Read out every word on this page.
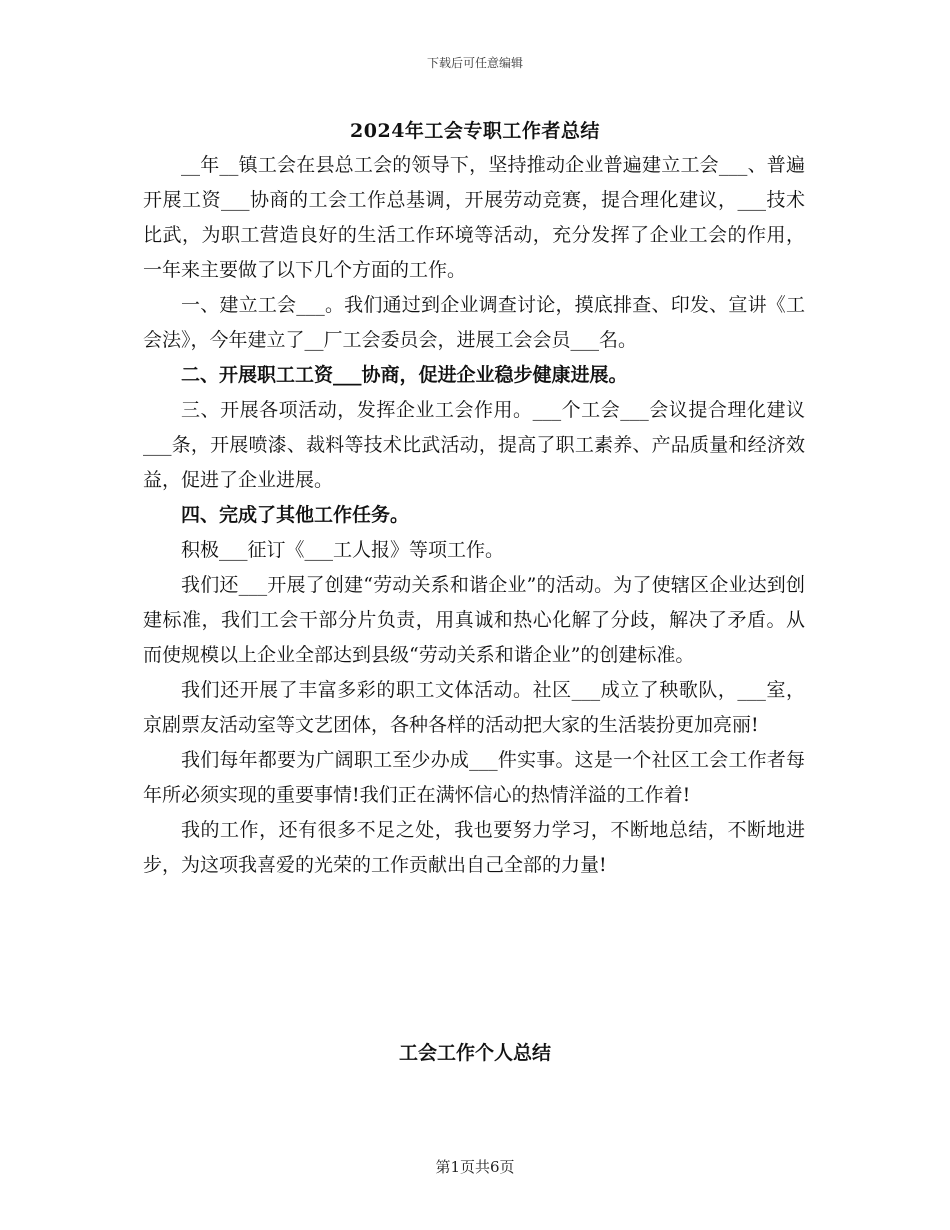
下载后可任意编辑
2024年工会专职工作者总结

__年__镇工会在县总工会的领导下，坚持推动企业普遍建立工会___、普遍开展工资___协商的工会工作总基调，开展劳动竞赛，提合理化建议，___技术比武，为职工营造良好的生活工作环境等活动，充分发挥了企业工会的作用，一年来主要做了以下几个方面的工作。

一、建立工会___。我们通过到企业调查讨论，摸底排查、印发、宣讲《工会法》，今年建立了__厂工会委员会，进展工会会员___名。

二、开展职工工资___协商，促进企业稳步健康进展。

三、开展各项活动，发挥企业工会作用。___个工会___会议提合理化建议___条，开展喷漆、裁料等技术比武活动，提高了职工素养、产品质量和经济效益，促进了企业进展。

四、完成了其他工作任务。

积极___征订《___工人报》等项工作。

我们还___开展了创建“劳动关系和谐企业”的活动。为了使辖区企业达到创建标准，我们工会干部分片负责，用真诚和热心化解了分歧，解决了矛盾。从而使规模以上企业全部达到县级“劳动关系和谐企业”的创建标准。

我们还开展了丰富多彩的职工文体活动。社区___成立了秧歌队，___室，京剧票友活动室等文艺团体，各种各样的活动把大家的生活装扮更加亮丽!

我们每年都要为广阔职工至少办成___件实事。这是一个社区工会工作者每年所必须实现的重要事情!我们正在满怀信心的热情洋溢的工作着!

我的工作，还有很多不足之处，我也要努力学习，不断地总结，不断地进步，为这项我喜爱的光荣的工作贡献出自己全部的力量!

工会工作个人总结
第1页共6页
